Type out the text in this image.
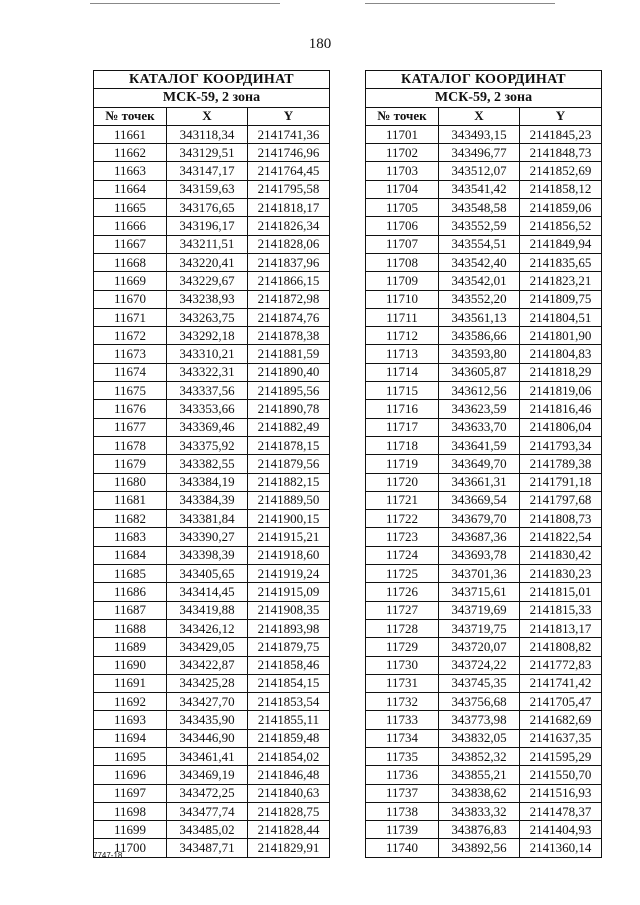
180
КАТАЛОГ КООРДИНАТ		
МСК-59, 2 зона		
№ точек	X	Y
11661	343118,34	2141741,36
11662	343129,51	2141746,96
11663	343147,17	2141764,45
11664	343159,63	2141795,58
11665	343176,65	2141818,17
11666	343196,17	2141826,34
11667	343211,51	2141828,06
11668	343220,41	2141837,96
11669	343229,67	2141866,15
11670	343238,93	2141872,98
11671	343263,75	2141874,76
11672	343292,18	2141878,38
11673	343310,21	2141881,59
11674	343322,31	2141890,40
11675	343337,56	2141895,56
11676	343353,66	2141890,78
11677	343369,46	2141882,49
11678	343375,92	2141878,15
11679	343382,55	2141879,56
11680	343384,19	2141882,15
11681	343384,39	2141889,50
11682	343381,84	2141900,15
11683	343390,27	2141915,21
11684	343398,39	2141918,60
11685	343405,65	2141919,24
11686	343414,45	2141915,09
11687	343419,88	2141908,35
11688	343426,12	2141893,98
11689	343429,05	2141879,75
11690	343422,87	2141858,46
11691	343425,28	2141854,15
11692	343427,70	2141853,54
11693	343435,90	2141855,11
11694	343446,90	2141859,48
11695	343461,41	2141854,02
11696	343469,19	2141846,48
11697	343472,25	2141840,63
11698	343477,74	2141828,75
11699	343485,02	2141828,44
11700	343487,71	2141829,91
КАТАЛОГ КООРДИНАТ		
МСК-59, 2 зона		
№ точек	X	Y
11701	343493,15	2141845,23
11702	343496,77	2141848,73
11703	343512,07	2141852,69
11704	343541,42	2141858,12
11705	343548,58	2141859,06
11706	343552,59	2141856,52
11707	343554,51	2141849,94
11708	343542,40	2141835,65
11709	343542,01	2141823,21
11710	343552,20	2141809,75
11711	343561,13	2141804,51
11712	343586,66	2141801,90
11713	343593,80	2141804,83
11714	343605,87	2141818,29
11715	343612,56	2141819,06
11716	343623,59	2141816,46
11717	343633,70	2141806,04
11718	343641,59	2141793,34
11719	343649,70	2141789,38
11720	343661,31	2141791,18
11721	343669,54	2141797,68
11722	343679,70	2141808,73
11723	343687,36	2141822,54
11724	343693,78	2141830,42
11725	343701,36	2141830,23
11726	343715,61	2141815,01
11727	343719,69	2141815,33
11728	343719,75	2141813,17
11729	343720,07	2141808,82
11730	343724,22	2141772,83
11731	343745,35	2141741,42
11732	343756,68	2141705,47
11733	343773,98	2141682,69
11734	343832,05	2141637,35
11735	343852,32	2141595,29
11736	343855,21	2141550,70
11737	343838,62	2141516,93
11738	343833,32	2141478,37
11739	343876,83	2141404,93
11740	343892,56	2141360,14
7747-18
